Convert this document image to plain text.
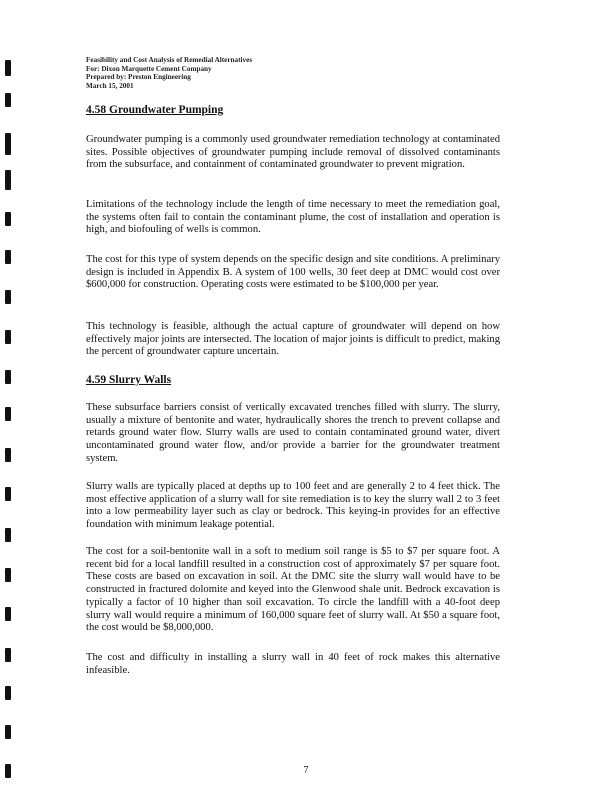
Feasibility and Cost Analysis of Remedial Alternatives
For: Dixon Marquette Cement Company
Prepared by: Preston Engineering
March 15, 2001
4.58 Groundwater Pumping
Groundwater pumping is a commonly used groundwater remediation technology at contaminated sites. Possible objectives of groundwater pumping include removal of dissolved contaminants from the subsurface, and containment of contaminated groundwater to prevent migration.
Limitations of the technology include the length of time necessary to meet the remediation goal, the systems often fail to contain the contaminant plume, the cost of installation and operation is high, and biofouling of wells is common.
The cost for this type of system depends on the specific design and site conditions. A preliminary design is included in Appendix B. A system of 100 wells, 30 feet deep at DMC would cost over $600,000 for construction. Operating costs were estimated to be $100,000 per year.
This technology is feasible, although the actual capture of groundwater will depend on how effectively major joints are intersected. The location of major joints is difficult to predict, making the percent of groundwater capture uncertain.
4.59 Slurry Walls
These subsurface barriers consist of vertically excavated trenches filled with slurry. The slurry, usually a mixture of bentonite and water, hydraulically shores the trench to prevent collapse and retards ground water flow. Slurry walls are used to contain contaminated ground water, divert uncontaminated ground water flow, and/or provide a barrier for the groundwater treatment system.
Slurry walls are typically placed at depths up to 100 feet and are generally 2 to 4 feet thick. The most effective application of a slurry wall for site remediation is to key the slurry wall 2 to 3 feet into a low permeability layer such as clay or bedrock. This keying-in provides for an effective foundation with minimum leakage potential.
The cost for a soil-bentonite wall in a soft to medium soil range is $5 to $7 per square foot. A recent bid for a local landfill resulted in a construction cost of approximately $7 per square foot. These costs are based on excavation in soil. At the DMC site the slurry wall would have to be constructed in fractured dolomite and keyed into the Glenwood shale unit. Bedrock excavation is typically a factor of 10 higher than soil excavation. To circle the landfill with a 40-foot deep slurry wall would require a minimum of 160,000 square feet of slurry wall. At $50 a square foot, the cost would be $8,000,000.
The cost and difficulty in installing a slurry wall in 40 feet of rock makes this alternative infeasible.
7
